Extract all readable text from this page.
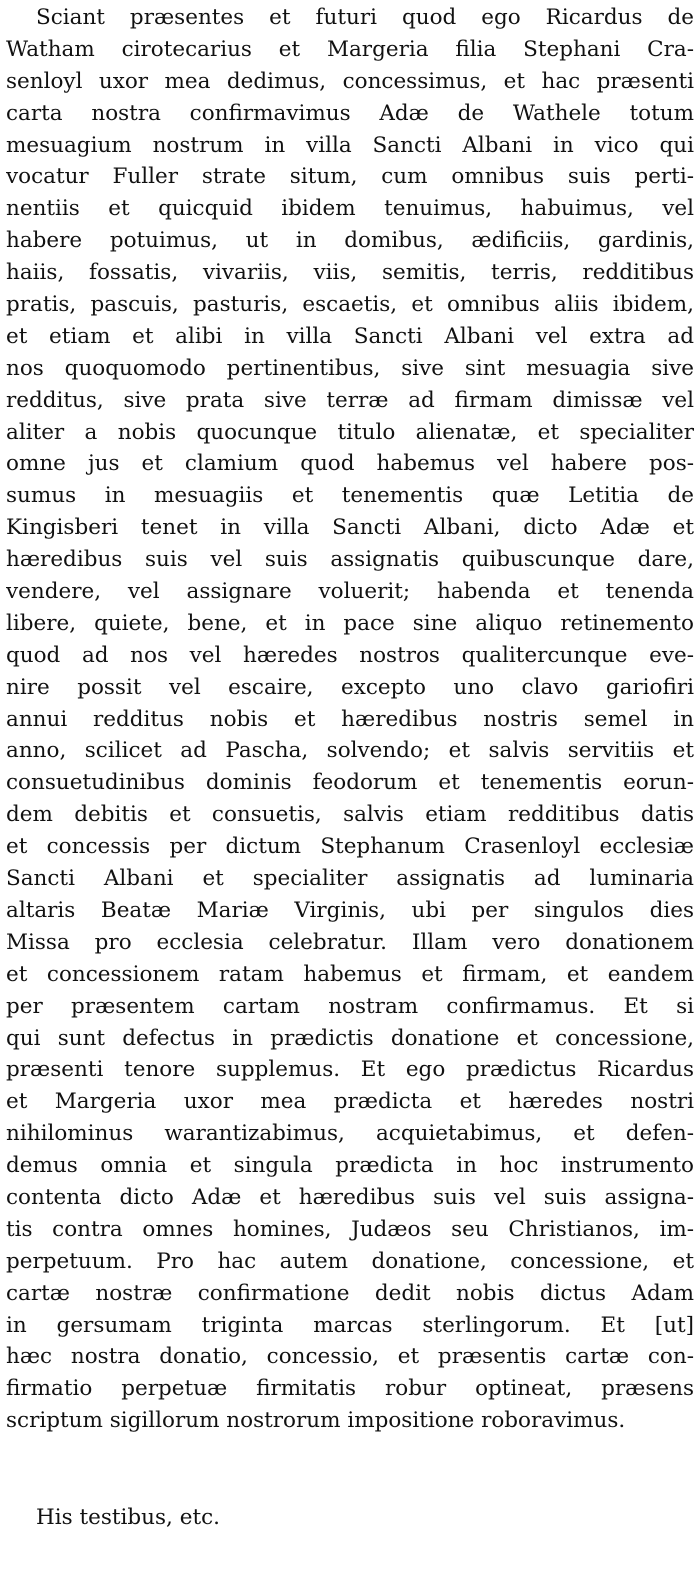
Sciant præsentes et futuri quod ego Ricardus de
Watham cirotecarius et Margeria filia Stephani Cra-
senloyl uxor mea dedimus, concessimus, et hac præsenti
carta nostra confirmavimus Adæ de Wathele totum
mesuagium nostrum in villa Sancti Albani in vico qui
vocatur Fuller strate situm, cum omnibus suis perti-
nentiis et quicquid ibidem tenuimus, habuimus, vel
habere potuimus, ut in domibus, ædificiis, gardinis,
haiis, fossatis, vivariis, viis, semitis, terris, redditibus
pratis, pascuis, pasturis, escaetis, et omnibus aliis ibidem,
et etiam et alibi in villa Sancti Albani vel extra ad
nos quoquomodo pertinentibus, sive sint mesuagia sive
redditus, sive prata sive terræ ad firmam dimissæ vel
aliter a nobis quocunque titulo alienatæ, et specialiter
omne jus et clamium quod habemus vel habere pos-
sumus in mesuagiis et tenementis quæ Letitia de
Kingisberi tenet in villa Sancti Albani, dicto Adæ et
hæredibus suis vel suis assignatis quibuscunque dare,
vendere, vel assignare voluerit; habenda et tenenda
libere, quiete, bene, et in pace sine aliquo retinemento
quod ad nos vel hæredes nostros qualitercunque eve-
nire possit vel escaire, excepto uno clavo gariofiri
annui redditus nobis et hæredibus nostris semel in
anno, scilicet ad Pascha, solvendo; et salvis servitiis et
consuetudinibus dominis feodorum et tenementis eorun-
dem debitis et consuetis, salvis etiam redditibus datis
et concessis per dictum Stephanum Crasenloyl ecclesiæ
Sancti Albani et specialiter assignatis ad luminaria
altaris Beatæ Mariæ Virginis, ubi per singulos dies
Missa pro ecclesia celebratur. Illam vero donationem
et concessionem ratam habemus et firmam, et eandem
per præsentem cartam nostram confirmamus. Et si
qui sunt defectus in prædictis donatione et concessione,
præsenti tenore supplemus. Et ego prædictus Ricardus
et Margeria uxor mea prædicta et hæredes nostri
nihilominus warantizabimus, acquietabimus, et defen-
demus omnia et singula prædicta in hoc instrumento
contenta dicto Adæ et hæredibus suis vel suis assigna-
tis contra omnes homines, Judæos seu Christianos, im-
perpetuum. Pro hac autem donatione, concessione, et
cartæ nostræ confirmatione dedit nobis dictus Adam
in gersumam triginta marcas sterlingorum. Et [ut]
hæc nostra donatio, concessio, et præsentis cartæ con-
firmatio perpetuæ firmitatis robur optineat, præsens
scriptum sigillorum nostrorum impositione roboravimus.
His testibus, etc.
